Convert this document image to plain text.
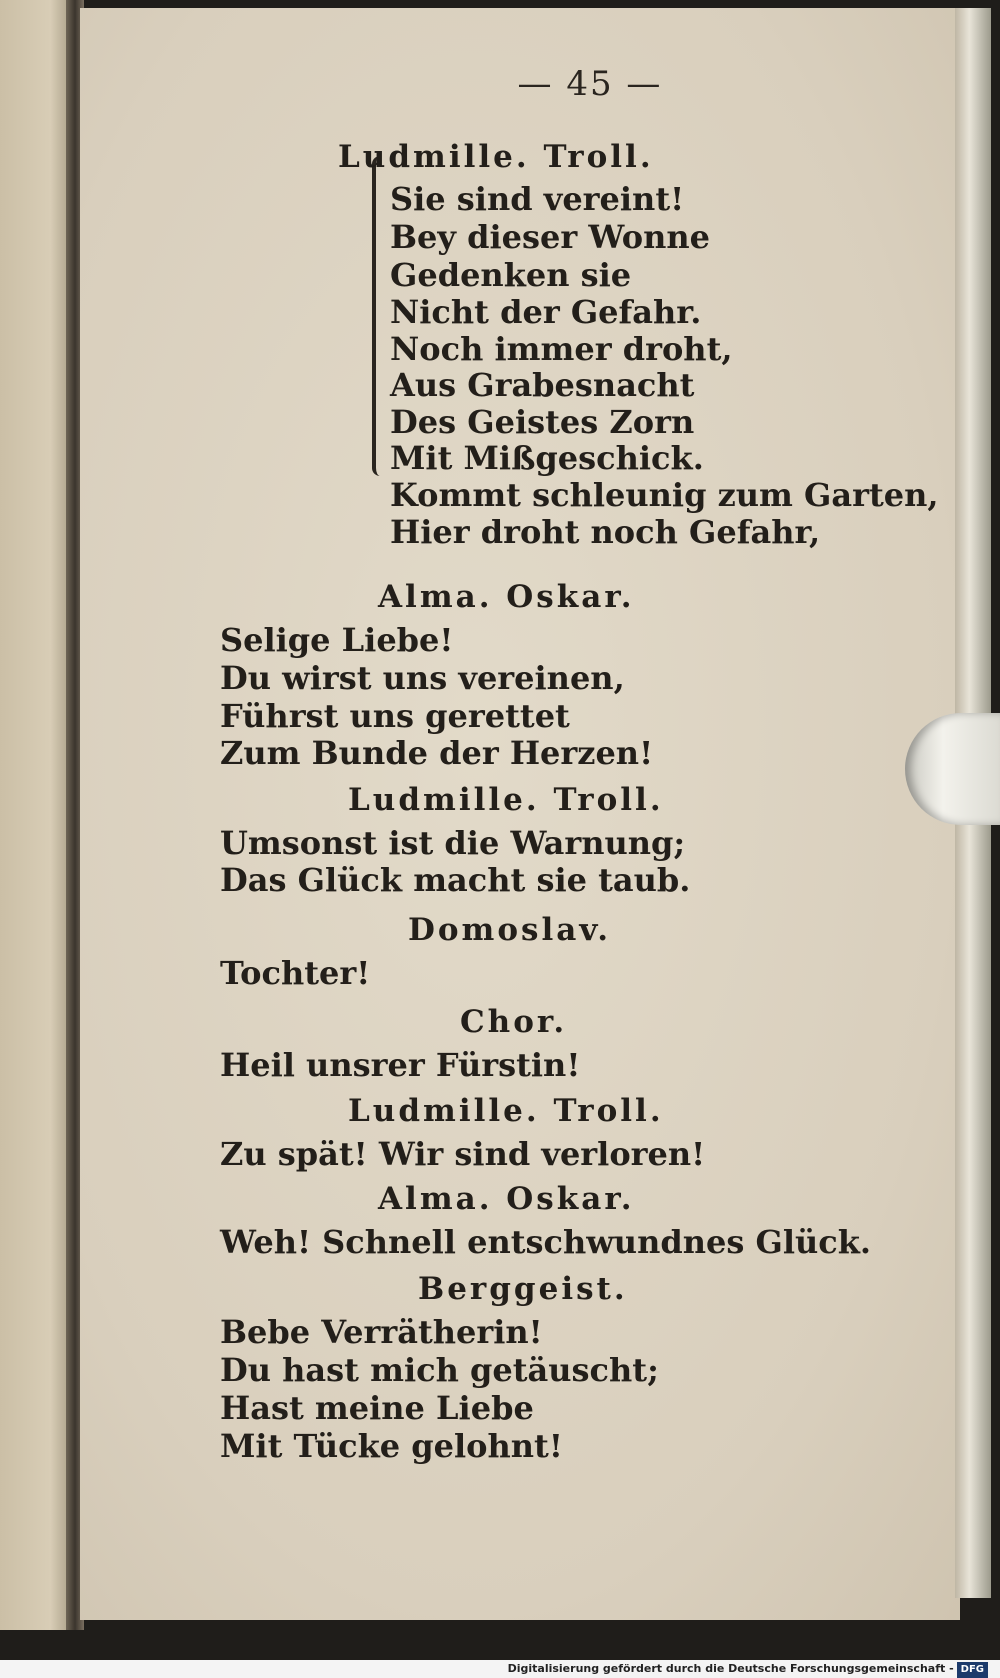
— 45 —
Ludmille. Troll.
Sie sind vereint!
Bey dieser Wonne
Gedenken sie
Nicht der Gefahr.
Noch immer droht,
Aus Grabesnacht
Des Geistes Zorn
Mit Mißgeschick.
Kommt schleunig zum Garten,
Hier droht noch Gefahr,
Alma. Oskar.
Selige Liebe!
Du wirst uns vereinen,
Führst uns gerettet
Zum Bunde der Herzen!
Ludmille. Troll.
Umsonst ist die Warnung;
Das Glück macht sie taub.
Domoslav.
Tochter!
Chor.
Heil unsrer Fürstin!
Ludmille. Troll.
Zu spät! Wir sind verloren!
Alma. Oskar.
Weh! Schnell entschwundnes Glück.
Berggeist.
Bebe Verrätherin!
Du hast mich getäuscht;
Hast meine Liebe
Mit Tücke gelohnt!
Digitalisierung gefördert durch die Deutsche Forschungsgemeinschaft - DFG
